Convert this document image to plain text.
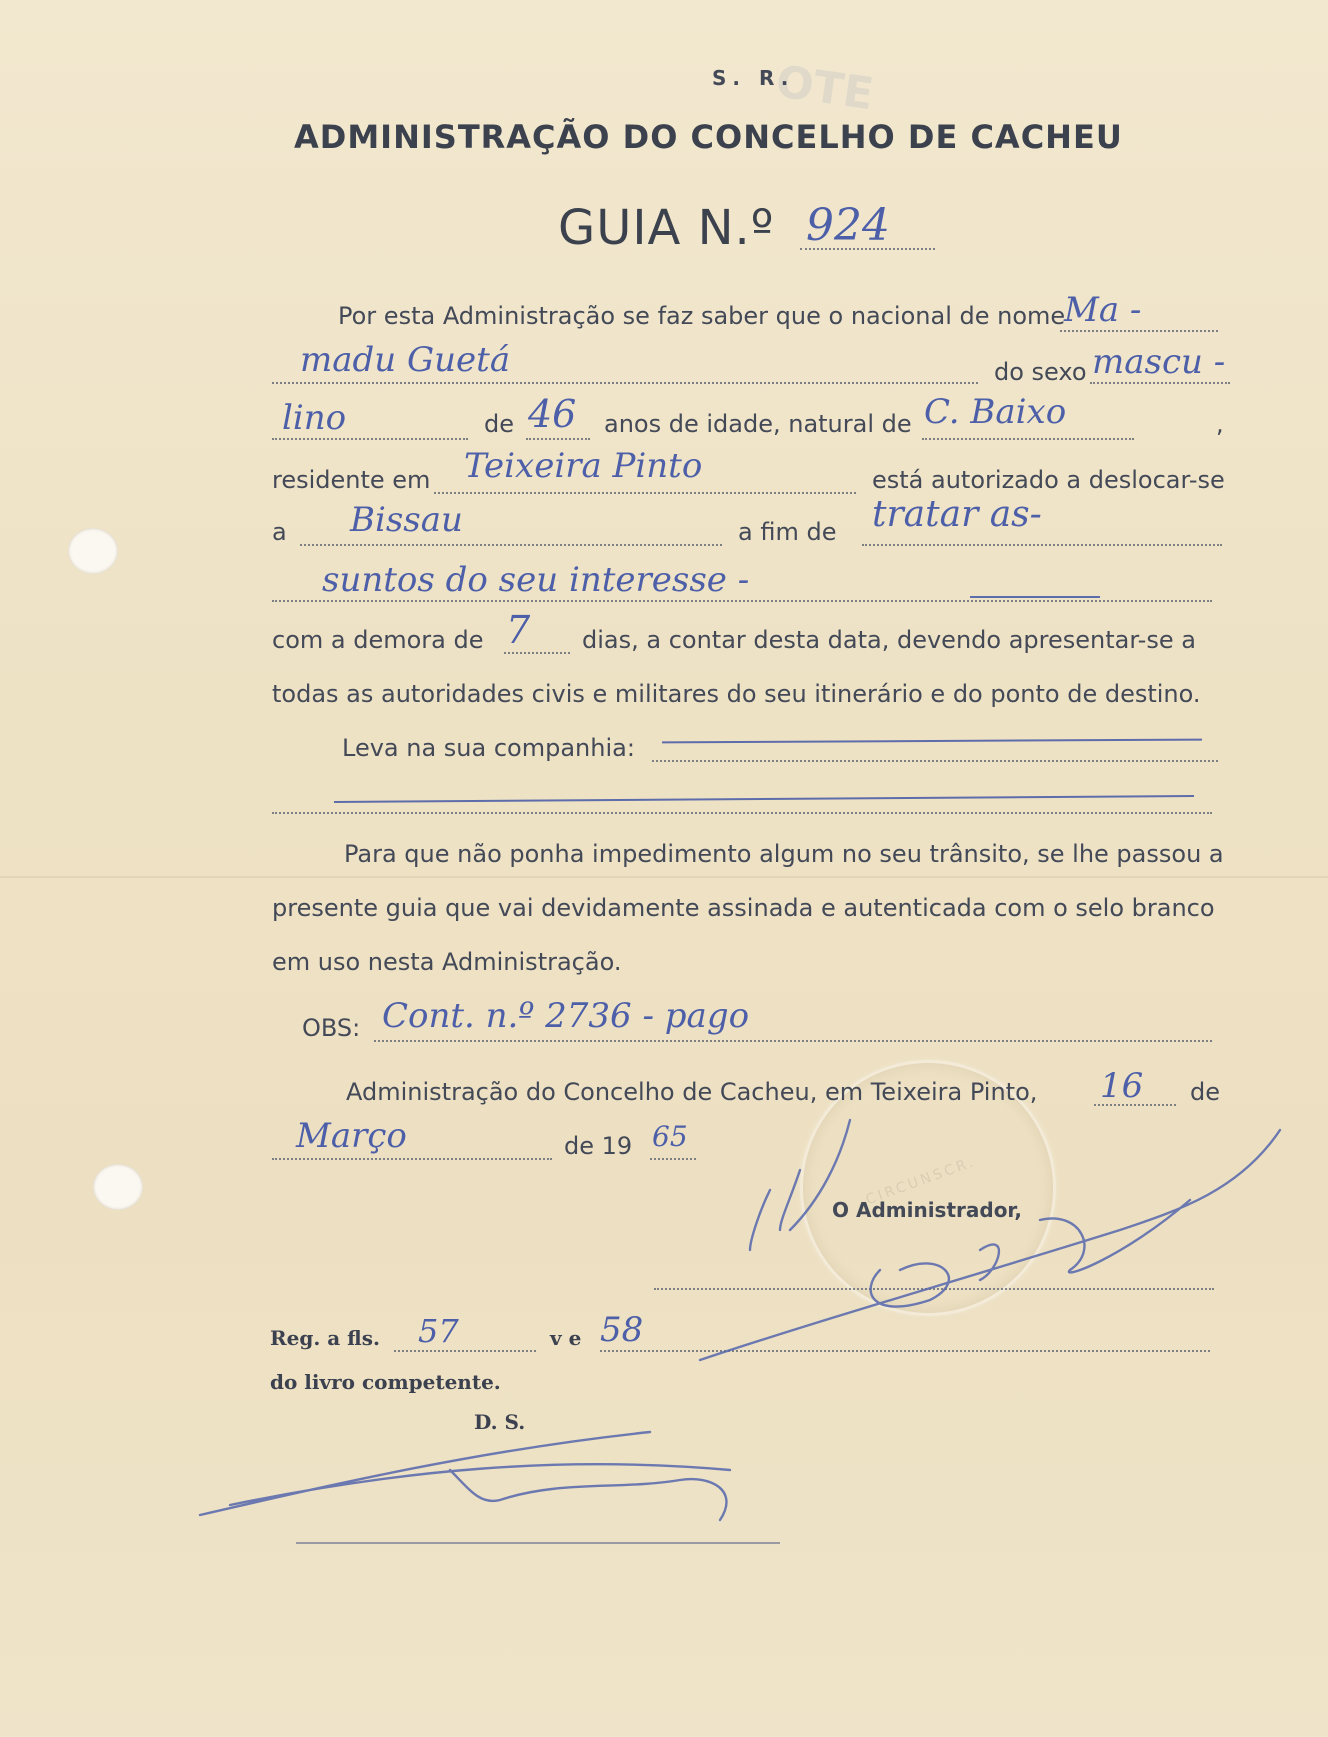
OTE
CIRCUNSCR.
S. R.
ADMINISTRAÇÃO DO CONCELHO DE CACHEU
GUIA N.º 924
Por esta Administração se faz saber que o nacional de nome
Ma -
madu Guetá	do sexo mascu -
lino	de 46 anos de idade, natural de C. Baixo	,
residente em Teixeira Pinto	está autorizado a deslocar-se
a Bissau	a fim de tratar as-
suntos do seu interesse -
com a demora de 7 dias, a contar desta data, devendo apresentar-se a
todas as autoridades civis e militares do seu itinerário e do ponto de destino.
Leva na sua companhia:
Para que não ponha impedimento algum no seu trânsito, se lhe passou a
presente guia que vai devidamente assinada e autenticada com o selo branco
em uso nesta Administração.
OBS: Cont. n.º 2736 - pago
Administração do Concelho de Cacheu, em Teixeira Pinto, 16 de
Março	de 19 65
O Administrador,
Reg. a fls. 57	v e 58
do livro competente.
D. S.
